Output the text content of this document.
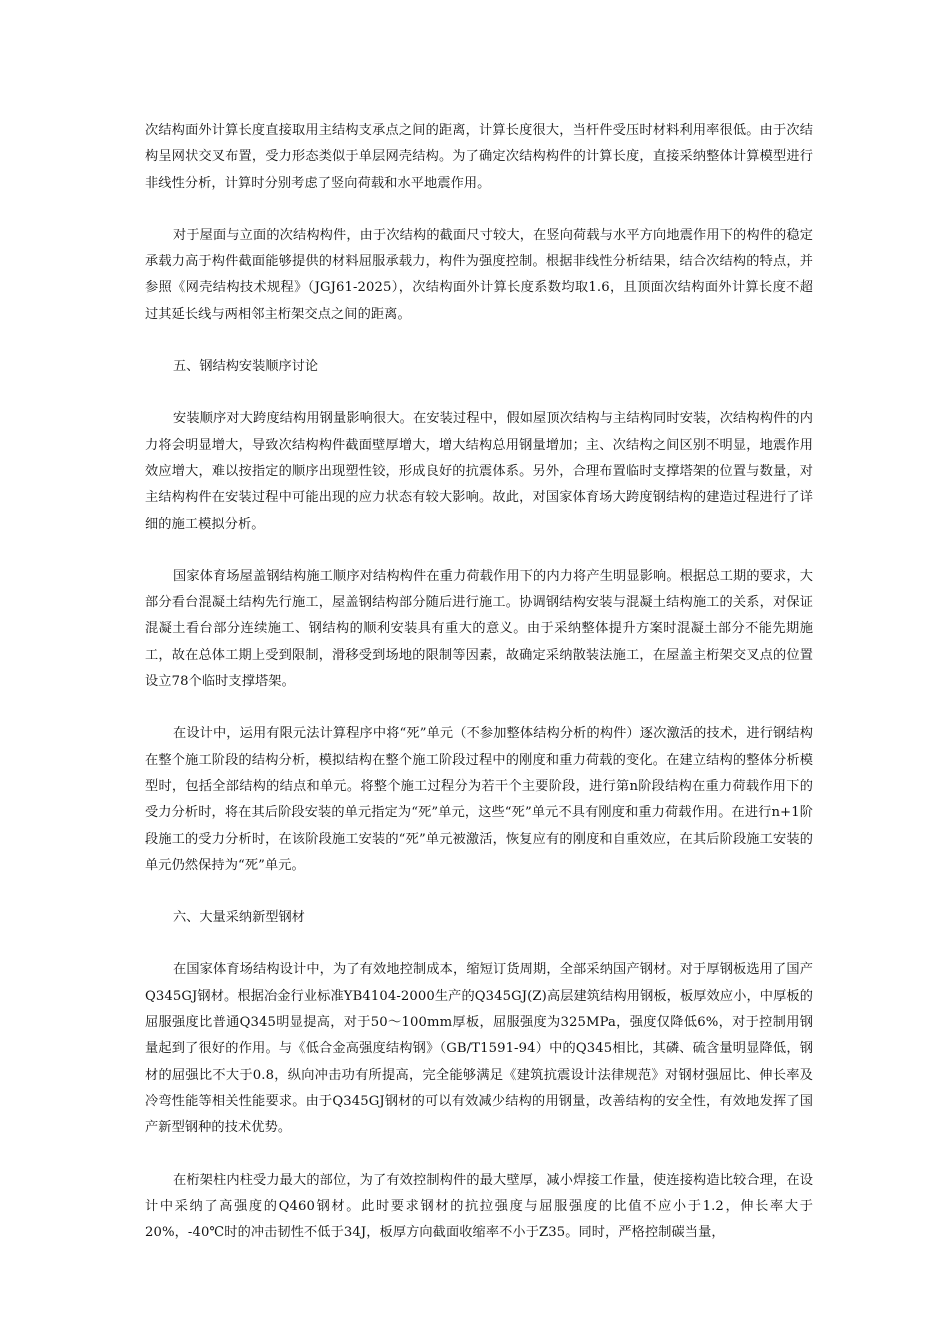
次结构面外计算长度直接取用主结构支承点之间的距离，计算长度很大，当杆件受压时材料利用率很低。由于次结构呈网状交叉布置，受力形态类似于单层网壳结构。为了确定次结构构件的计算长度，直接采纳整体计算模型进行非线性分析，计算时分别考虑了竖向荷载和水平地震作用。

对于屋面与立面的次结构构件，由于次结构的截面尺寸较大，在竖向荷载与水平方向地震作用下的构件的稳定承载力高于构件截面能够提供的材料屈服承载力，构件为强度控制。根据非线性分析结果，结合次结构的特点，并参照《网壳结构技术规程》（JGJ61-2025），次结构面外计算长度系数均取1.6，且顶面次结构面外计算长度不超过其延长线与两相邻主桁架交点之间的距离。

五、钢结构安装顺序讨论

安装顺序对大跨度结构用钢量影响很大。在安装过程中，假如屋顶次结构与主结构同时安装，次结构构件的内力将会明显增大，导致次结构构件截面壁厚增大，增大结构总用钢量增加；主、次结构之间区别不明显，地震作用效应增大，难以按指定的顺序出现塑性铰，形成良好的抗震体系。另外，合理布置临时支撑塔架的位置与数量，对主结构构件在安装过程中可能出现的应力状态有较大影响。故此，对国家体育场大跨度钢结构的建造过程进行了详细的施工模拟分析。

国家体育场屋盖钢结构施工顺序对结构构件在重力荷载作用下的内力将产生明显影响。根据总工期的要求，大部分看台混凝土结构先行施工，屋盖钢结构部分随后进行施工。协调钢结构安装与混凝土结构施工的关系，对保证混凝土看台部分连续施工、钢结构的顺利安装具有重大的意义。由于采纳整体提升方案时混凝土部分不能先期施工，故在总体工期上受到限制，滑移受到场地的限制等因素，故确定采纳散装法施工，在屋盖主桁架交叉点的位置设立78个临时支撑塔架。

在设计中，运用有限元法计算程序中将“死”单元（不参加整体结构分析的构件）逐次激活的技术，进行钢结构在整个施工阶段的结构分析，模拟结构在整个施工阶段过程中的刚度和重力荷载的变化。在建立结构的整体分析模型时，包括全部结构的结点和单元。将整个施工过程分为若干个主要阶段，进行第n阶段结构在重力荷载作用下的受力分析时，将在其后阶段安装的单元指定为“死”单元，这些“死”单元不具有刚度和重力荷载作用。在进行n+1阶段施工的受力分析时，在该阶段施工安装的“死”单元被激活，恢复应有的刚度和自重效应，在其后阶段施工安装的单元仍然保持为“死”单元。

六、大量采纳新型钢材

在国家体育场结构设计中，为了有效地控制成本，缩短订货周期，全部采纳国产钢材。对于厚钢板选用了国产Q345GJ钢材。根据冶金行业标准YB4104-2000生产的Q345GJ(Z)高层建筑结构用钢板，板厚效应小，中厚板的屈服强度比普通Q345明显提高，对于50～100mm厚板，屈服强度为325MPa，强度仅降低6%，对于控制用钢量起到了很好的作用。与《低合金高强度结构钢》（GB/T1591-94）中的Q345相比，其磷、硫含量明显降低，钢材的屈强比不大于0.8，纵向冲击功有所提高，完全能够满足《建筑抗震设计法律规范》对钢材强屈比、伸长率及冷弯性能等相关性能要求。由于Q345GJ钢材的可以有效减少结构的用钢量，改善结构的安全性，有效地发挥了国产新型钢种的技术优势。

在桁架柱内柱受力最大的部位，为了有效控制构件的最大壁厚，减小焊接工作量，使连接构造比较合理，在设计中采纳了高强度的Q460钢材。此时要求钢材的抗拉强度与屈服强度的比值不应小于1.2，伸长率大于20%，-40℃时的冲击韧性不低于34J，板厚方向截面收缩率不小于Z35。同时，严格控制碳当量，
